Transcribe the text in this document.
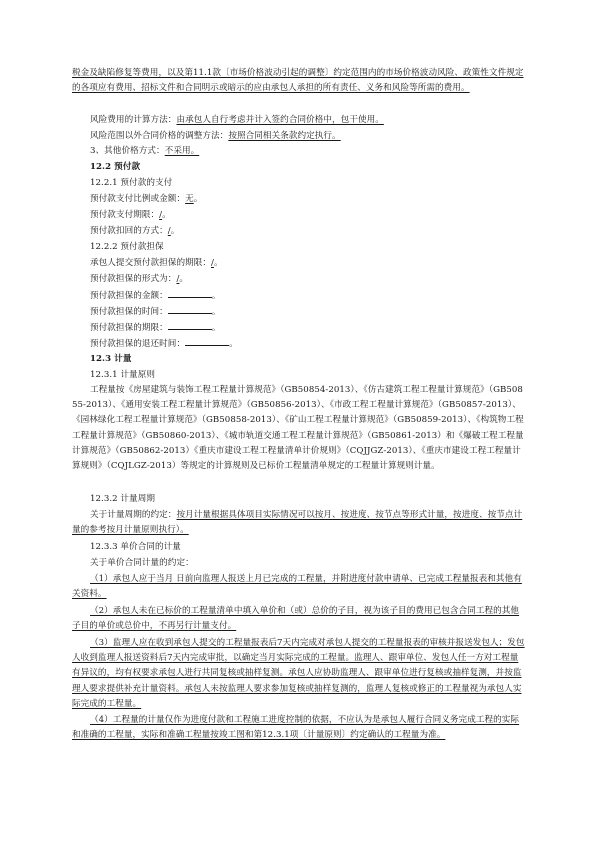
税金及缺陷修复等费用，以及第11.1款〔市场价格波动引起的调整〕约定范围内的市场价格波动风险、政策性文件规定的各项应有费用、招标文件和合同明示或暗示的应由承包人承担的所有责任、义务和风险等所需的费用。

风险费用的计算方法：由承包人自行考虑并计入签约合同价格中，包干使用。

风险范围以外合同价格的调整方法：按照合同相关条款约定执行。

3、其他价格方式：不采用。

12.2 预付款

12.2.1 预付款的支付

预付款支付比例或金额：无。

预付款支付期限：/。

预付款扣回的方式：/。

12.2.2 预付款担保

承包人提交预付款担保的期限：/。

预付款担保的形式为：/。

预付款担保的金额：	。

预付款担保的时间：	。

预付款担保的期限：	。

预付款担保的退还时间：	。

12.3 计量

12.3.1 计量原则

工程量按《房屋建筑与装饰工程工程量计算规范》（GB50854-2013）、《仿古建筑工程工程量计算规范》（GB50855-2013）、《通用安装工程工程量计算规范》（GB50856-2013）、《市政工程工程量计算规范》（GB50857-2013）、《园林绿化工程工程量计算规范》（GB50858-2013）、《矿山工程工程量计算规范》（GB50859-2013）、《构筑物工程工程量计算规范》（GB50860-2013）、《城市轨道交通工程工程量计算规范》（GB50861-2013）和《爆破工程工程量计算规范》（GB50862-2013）《重庆市建设工程工程量清单计价规则》（CQJJGZ-2013）、《重庆市建设工程工程量计算规则》（CQJLGZ-2013）等规定的计算规则及已标价工程量清单规定的工程量计算规则计量。

12.3.2 计量周期

关于计量周期的约定：按月计量根据具体项目实际情况可以按月、按进度、按节点等形式计量，按进度、按节点计量的参考按月计量原则执行）。

12.3.3 单价合同的计量

关于单价合同计量的约定：

（1）承包人应于当月 日前向监理人报送上月已完成的工程量，并附进度付款申请单、已完成工程量报表和其他有关资料。

（2）承包人未在已标价的工程量清单中填入单价和（或）总价的子目，视为该子目的费用已包含合同工程的其他子目的单价或总价中，不再另行计量支付。

（3）监理人应在收到承包人提交的工程量报表后7天内完成对承包人提交的工程量报表的审核并报送发包人；发包人收到监理人报送资料后7天内完成审批，以确定当月实际完成的工程量。监理人、跟审单位、发包人任一方对工程量有异议的，均有权要求承包人进行共同复核或抽样复测。承包人应协助监理人、跟审单位进行复核或抽样复测，并按监理人要求提供补充计量资料。承包人未按监理人要求参加复核或抽样复测的，监理人复核或修正的工程量视为承包人实际完成的工程量。

（4）工程量的计量仅作为进度付款和工程施工进度控制的依据，不应认为是承包人履行合同义务完成工程的实际和准确的工程量，实际和准确工程量按竣工图和第12.3.1项〔计量原则〕约定确认的工程量为准。
